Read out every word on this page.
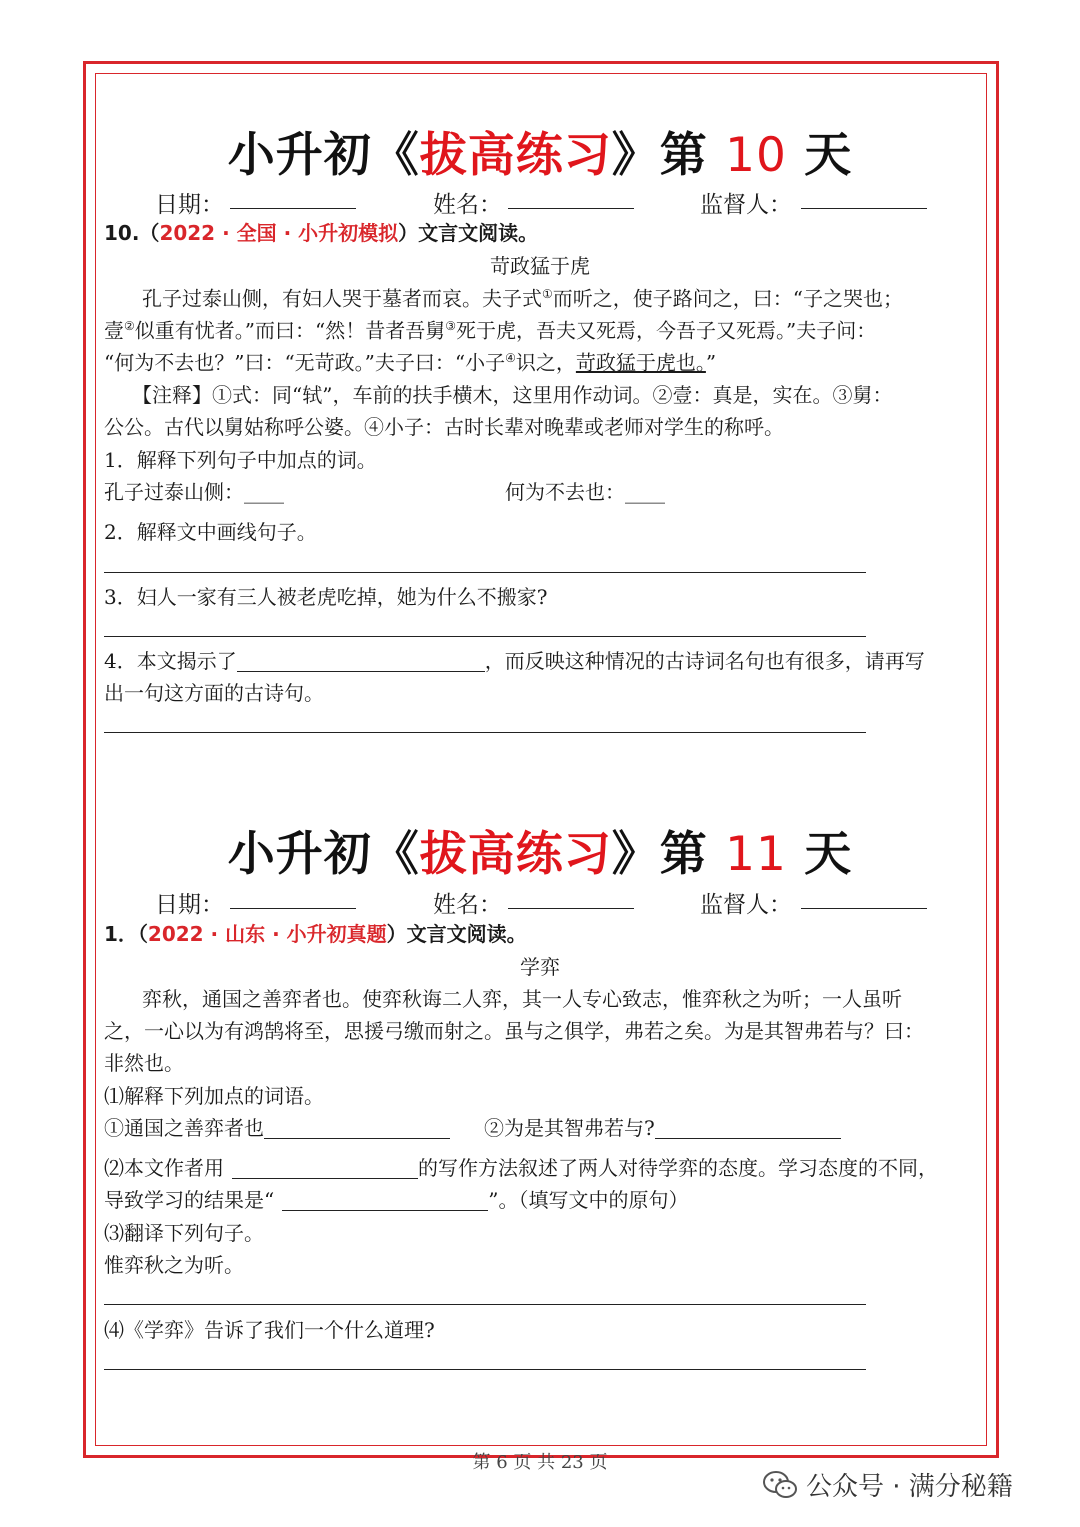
小升初《拔高练习》第 10 天
日期：	姓名：	监督人：
10.（2022 · 全国 · 小升初模拟）文言文阅读。
苛政猛于虎
孔子过泰山侧，有妇人哭于墓者而哀。夫子式①而听之，使子路问之，曰：“子之哭也；
壹②似重有忧者。”而曰：“然！昔者吾舅③死于虎，吾夫又死焉，今吾子又死焉。”夫子问：
“何为不去也？”曰：“无苛政。”夫子曰：“小子④识之，苛政猛于虎也。”
【注释】①式：同“轼”，车前的扶手横木，这里用作动词。②壹：真是，实在。③舅：
公公。古代以舅姑称呼公婆。④小子：古时长辈对晚辈或老师对学生的称呼。
1．解释下列句子中加点的词。
孔子过泰山侧：____	何为不去也：____
2．解释文中画线句子。
3．妇人一家有三人被老虎吃掉，她为什么不搬家?
4．本文揭示了	，而反映这种情况的古诗词名句也有很多，请再写
出一句这方面的古诗句。
小升初《拔高练习》第 11 天
日期：	姓名：	监督人：
1．（2022 · 山东 · 小升初真题）文言文阅读。
学弈
弈秋，通国之善弈者也。使弈秋诲二人弈，其一人专心致志，惟弈秋之为听；一人虽听
之，一心以为有鸿鹄将至，思援弓缴而射之。虽与之俱学，弗若之矣。为是其智弗若与？曰：
非然也。
⑴解释下列加点的词语。
①通国之善弈者也	②为是其智弗若与?
⑵本文作者用	的写作方法叙述了两人对待学弈的态度。学习态度的不同，
导致学习的结果是“	”。（填写文中的原句）
⑶翻译下列句子。
惟弈秋之为听。
⑷《学弈》告诉了我们一个什么道理?
第 6 页 共 23 页
公众号 · 满分秘籍
